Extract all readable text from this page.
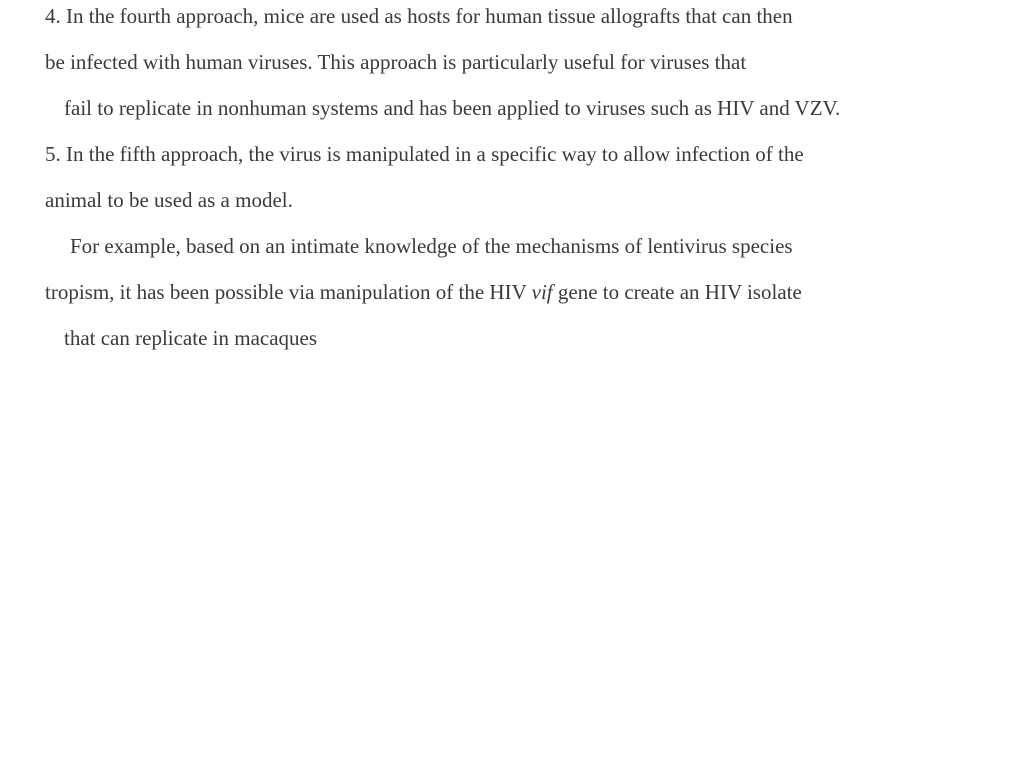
4. In the fourth approach, mice are used as hosts for human tissue allografts that can then
be infected with human viruses. This approach is particularly useful for viruses that
fail to replicate in nonhuman systems and has been applied to viruses such as HIV and VZV.
5. In the fifth approach, the virus is manipulated in a specific way to allow infection of the
animal to be used as a model.
For example, based on an intimate knowledge of the mechanisms of lentivirus species
tropism, it has been possible via manipulation of the HIV vif gene to create an HIV isolate
that can replicate in macaques
